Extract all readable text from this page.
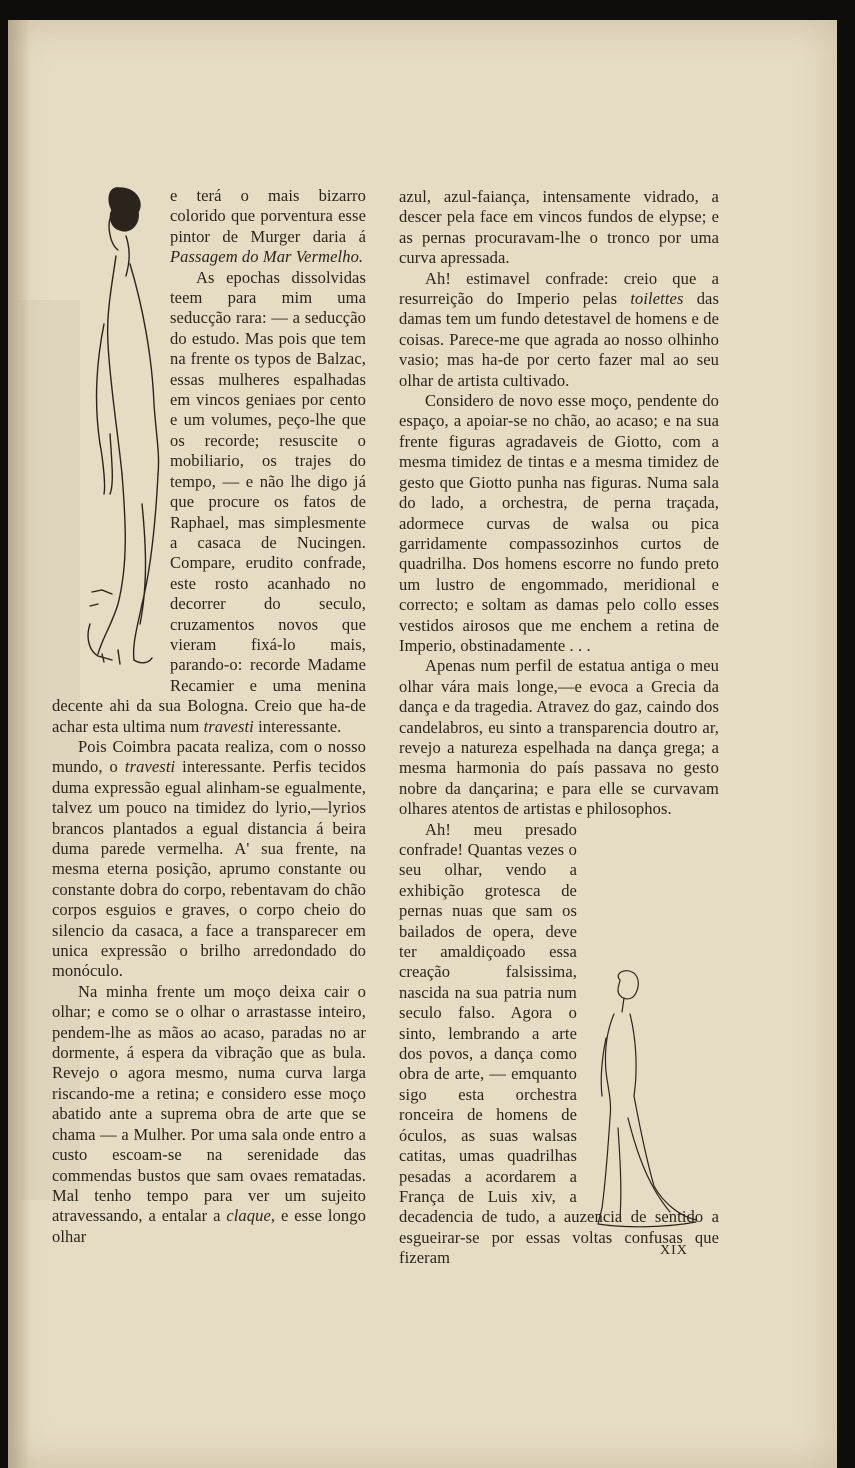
e terá o mais bizarro colorido que porventura esse pintor de Murger daria á Passagem do Mar Vermelho.

As epochas dissolvidas teem para mim uma seducção rara: — a seducção do estudo. Mas pois que tem na frente os typos de Balzac, essas mulheres espalhadas em vincos geniaes por cento e um volumes, peço-lhe que os recorde; resuscite o mobiliario, os trajes do tempo, — e não lhe digo já que procure os fatos de Raphael, mas simplesmente a casaca de Nucingen. Compare, erudito confrade, este rosto acanhado no decorrer do seculo, cruzamentos novos que vieram fixá-lo mais, parando-o: recorde Madame Recamier e uma menina decente ahi da sua Bologna. Creio que ha-de achar esta ultima num travesti interessante.

Pois Coimbra pacata realiza, com o nosso mundo, o travesti interessante. Perfis tecidos duma expressão egual alinham-se egualmente, talvez um pouco na timidez do lyrio,—lyrios brancos plantados a egual distancia á beira duma parede vermelha. A' sua frente, na mesma eterna posição, aprumo constante ou constante dobra do corpo, rebentavam do chão corpos esguios e graves, o corpo cheio do silencio da casaca, a face a transparecer em unica expressão o brilho arredondado do monóculo.

Na minha frente um moço deixa cair o olhar; e como se o olhar o arrastasse inteiro, pendem-lhe as mãos ao acaso, paradas no ar dormente, á espera da vibração que as bula. Revejo o agora mesmo, numa curva larga riscando-me a retina; e considero esse moço abatido ante a suprema obra de arte que se chama — a Mulher. Por uma sala onde entro a custo escoam-se na serenidade das commendas bustos que sam ovaes rematadas. Mal tenho tempo para ver um sujeito atravessando, a entalar a claque, e esse longo olhar

azul, azul-faiança, intensamente vidrado, a descer pela face em vincos fundos de elypse; e as pernas procuravam-lhe o tronco por uma curva apressada.

Ah! estimavel confrade: creio que a resurreição do Imperio pelas toilettes das damas tem um fundo detestavel de homens e de coisas. Parece-me que agrada ao nosso olhinho vasio; mas ha-de por certo fazer mal ao seu olhar de artista cultivado.

Considero de novo esse moço, pendente do espaço, a apoiar-se no chão, ao acaso; e na sua frente figuras agradaveis de Giotto, com a mesma timidez de tintas e a mesma timidez de gesto que Giotto punha nas figuras. Numa sala do lado, a orchestra, de perna traçada, adormece curvas de walsa ou pica garridamente compassozinhos curtos de quadrilha. Dos homens escorre no fundo preto um lustro de engommado, meridional e correcto; e soltam as damas pelo collo esses vestidos airosos que me enchem a retina de Imperio, obstinadamente . . .

Apenas num perfil de estatua antiga o meu olhar vára mais longe,—e evoca a Grecia da dança e da tragedia. Atravez do gaz, caindo dos candelabros, eu sinto a transparencia doutro ar, revejo a natureza espelhada na dança grega; a mesma harmonia do país passava no gesto nobre da dançarina; e para elle se curvavam olhares atentos de artistas e philosophos.

Ah! meu presado confrade! Quantas vezes o seu olhar, vendo a exhibição grotesca de pernas nuas que sam os bailados de opera, deve ter amaldiçoado essa creação falsissima, nascida na sua patria num seculo falso. Agora o sinto, lembrando a arte dos povos, a dança como obra de arte, — emquanto sigo esta orchestra ronceira de homens de óculos, as suas walsas catitas, umas quadrilhas pesadas a acordarem a França de Luis xiv, a decadencia de tudo, a auzencia de sentido a esgueirar-se por essas voltas confusas que fizeram	XIX
